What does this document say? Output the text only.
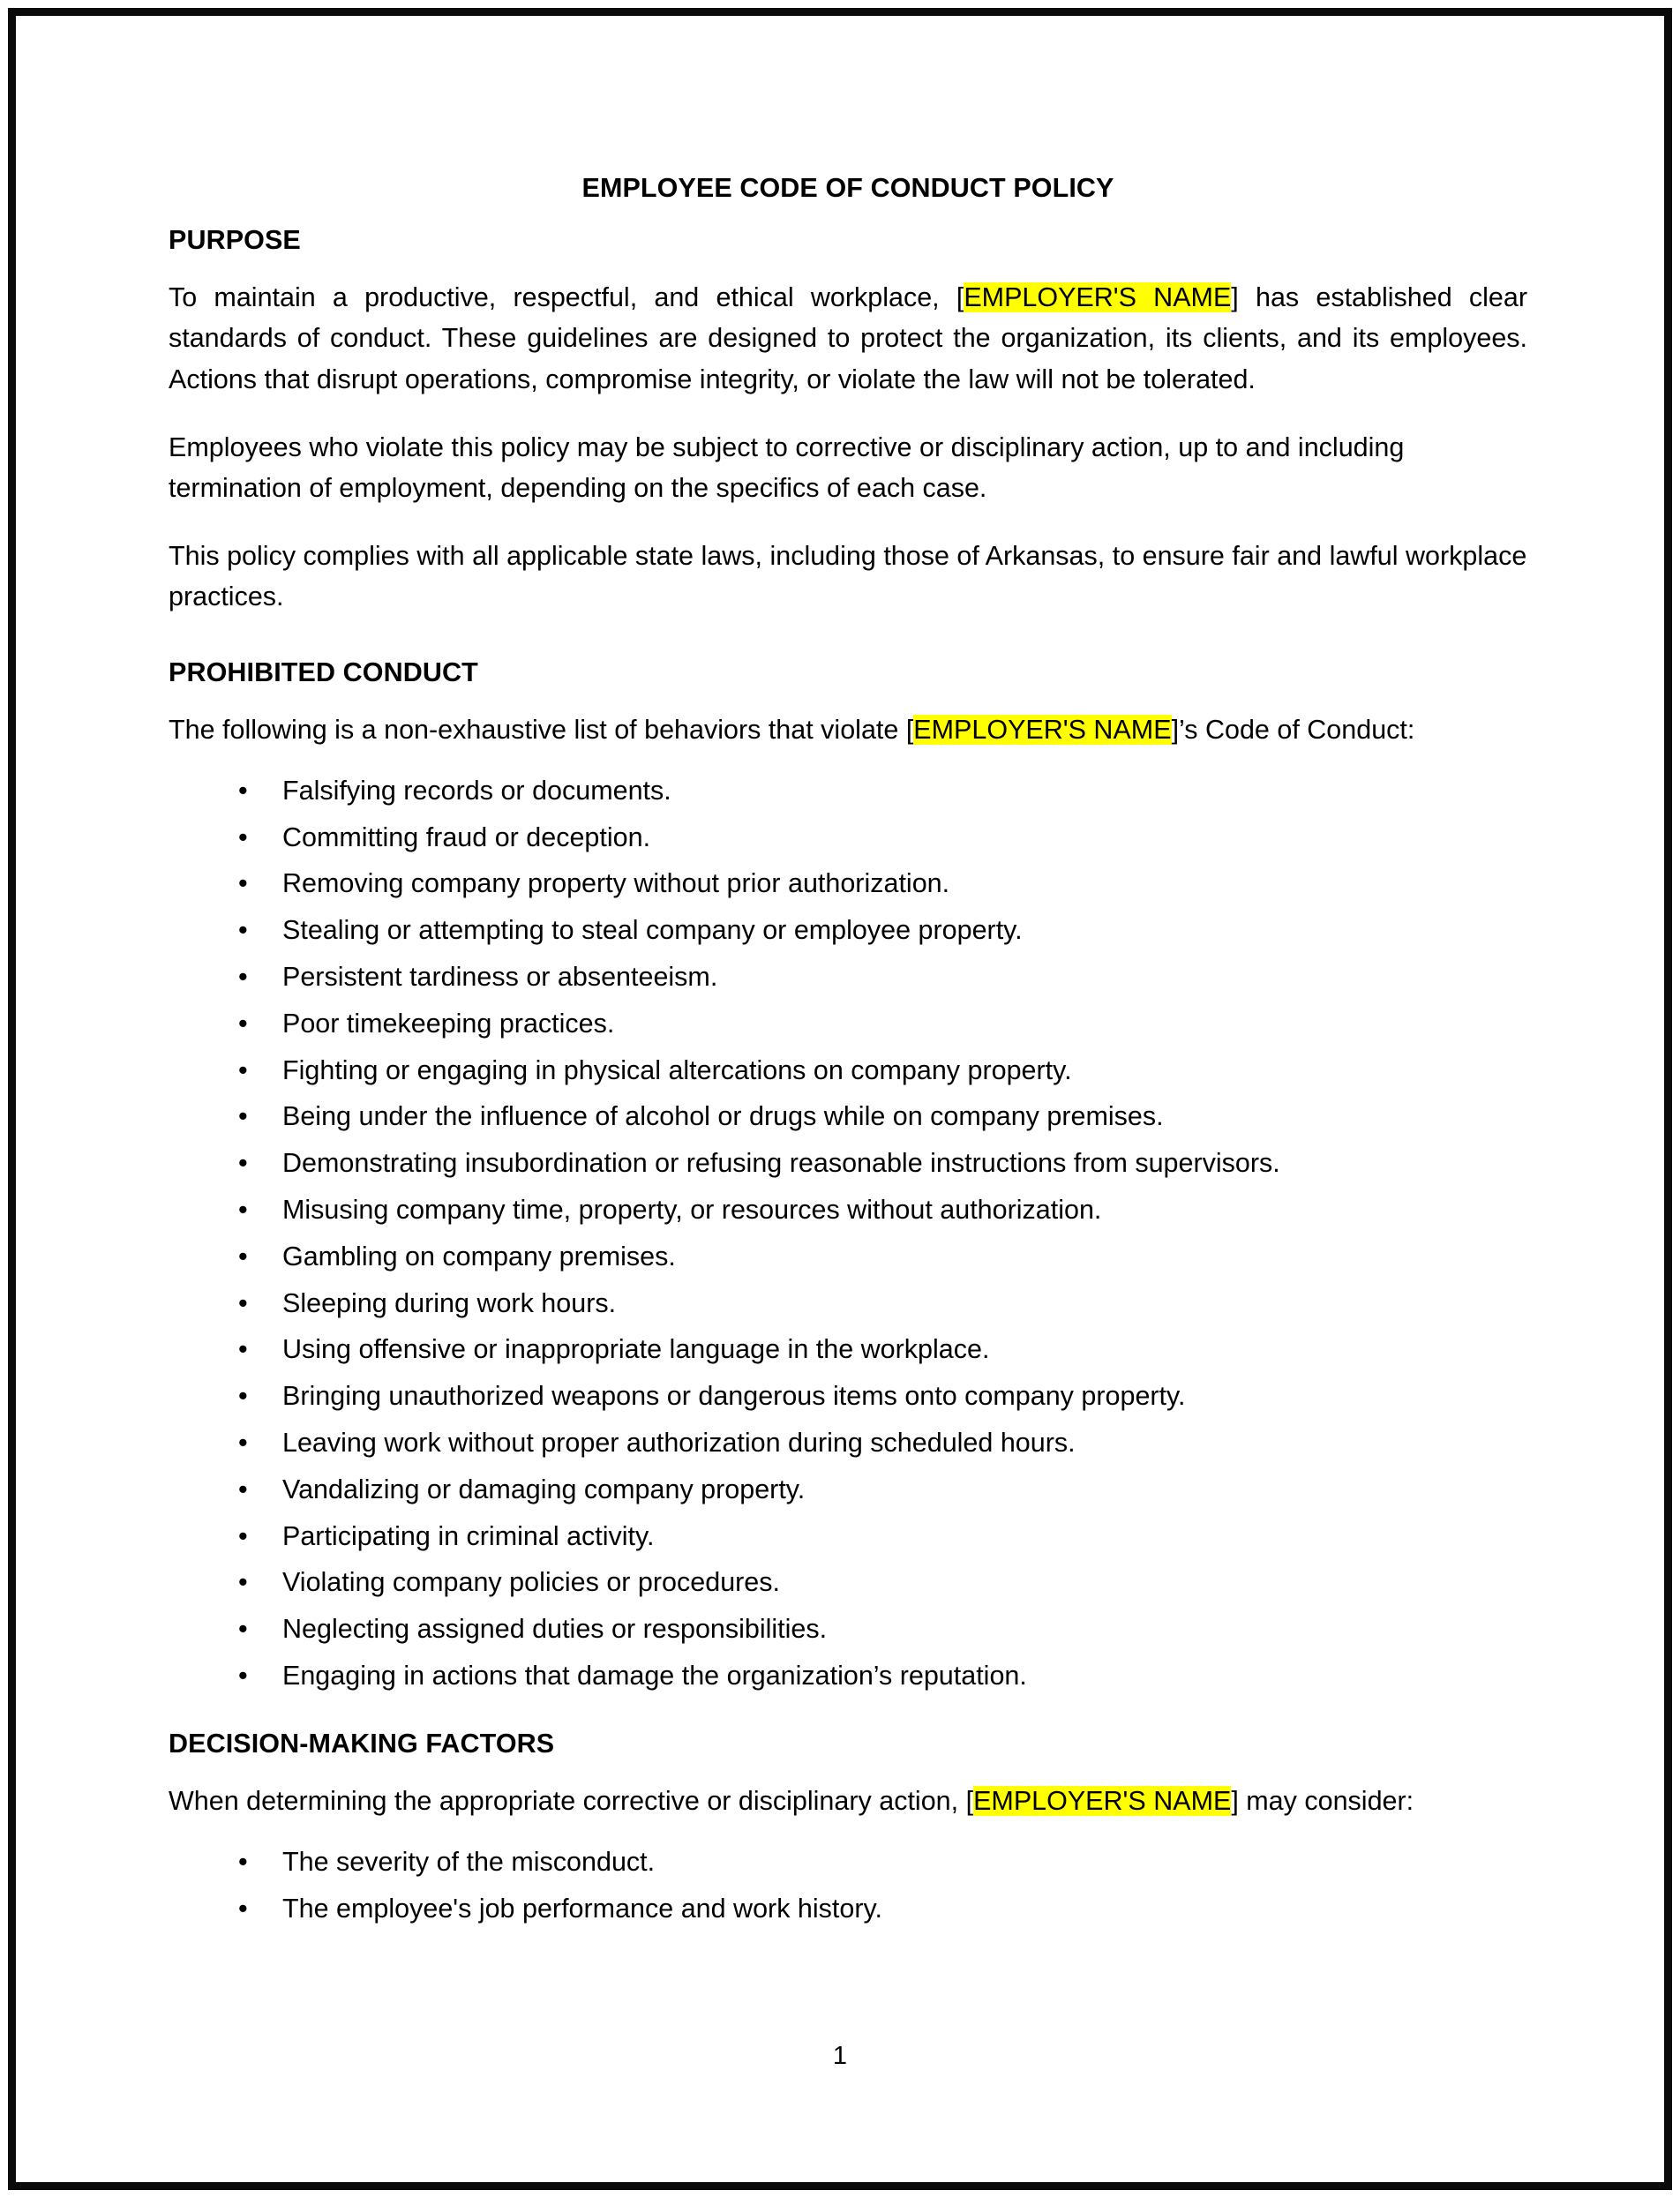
EMPLOYEE CODE OF CONDUCT POLICY
PURPOSE

To maintain a productive, respectful, and ethical workplace, [EMPLOYER'S NAME] has established clear standards of conduct. These guidelines are designed to protect the organization, its clients, and its employees. Actions that disrupt operations, compromise integrity, or violate the law will not be tolerated.

Employees who violate this policy may be subject to corrective or disciplinary action, up to and including termination of employment, depending on the specifics of each case.

This policy complies with all applicable state laws, including those of Arkansas, to ensure fair and lawful workplace practices.

PROHIBITED CONDUCT

The following is a non-exhaustive list of behaviors that violate [EMPLOYER'S NAME]’s Code of Conduct:

• Falsifying records or documents.
• Committing fraud or deception.
• Removing company property without prior authorization.
• Stealing or attempting to steal company or employee property.
• Persistent tardiness or absenteeism.
• Poor timekeeping practices.
• Fighting or engaging in physical altercations on company property.
• Being under the influence of alcohol or drugs while on company premises.
• Demonstrating insubordination or refusing reasonable instructions from supervisors.
• Misusing company time, property, or resources without authorization.
• Gambling on company premises.
• Sleeping during work hours.
• Using offensive or inappropriate language in the workplace.
• Bringing unauthorized weapons or dangerous items onto company property.
• Leaving work without proper authorization during scheduled hours.
• Vandalizing or damaging company property.
• Participating in criminal activity.
• Violating company policies or procedures.
• Neglecting assigned duties or responsibilities.
• Engaging in actions that damage the organization’s reputation.
DECISION-MAKING FACTORS

When determining the appropriate corrective or disciplinary action, [EMPLOYER'S NAME] may consider:

• The severity of the misconduct.
• The employee's job performance and work history.
1
